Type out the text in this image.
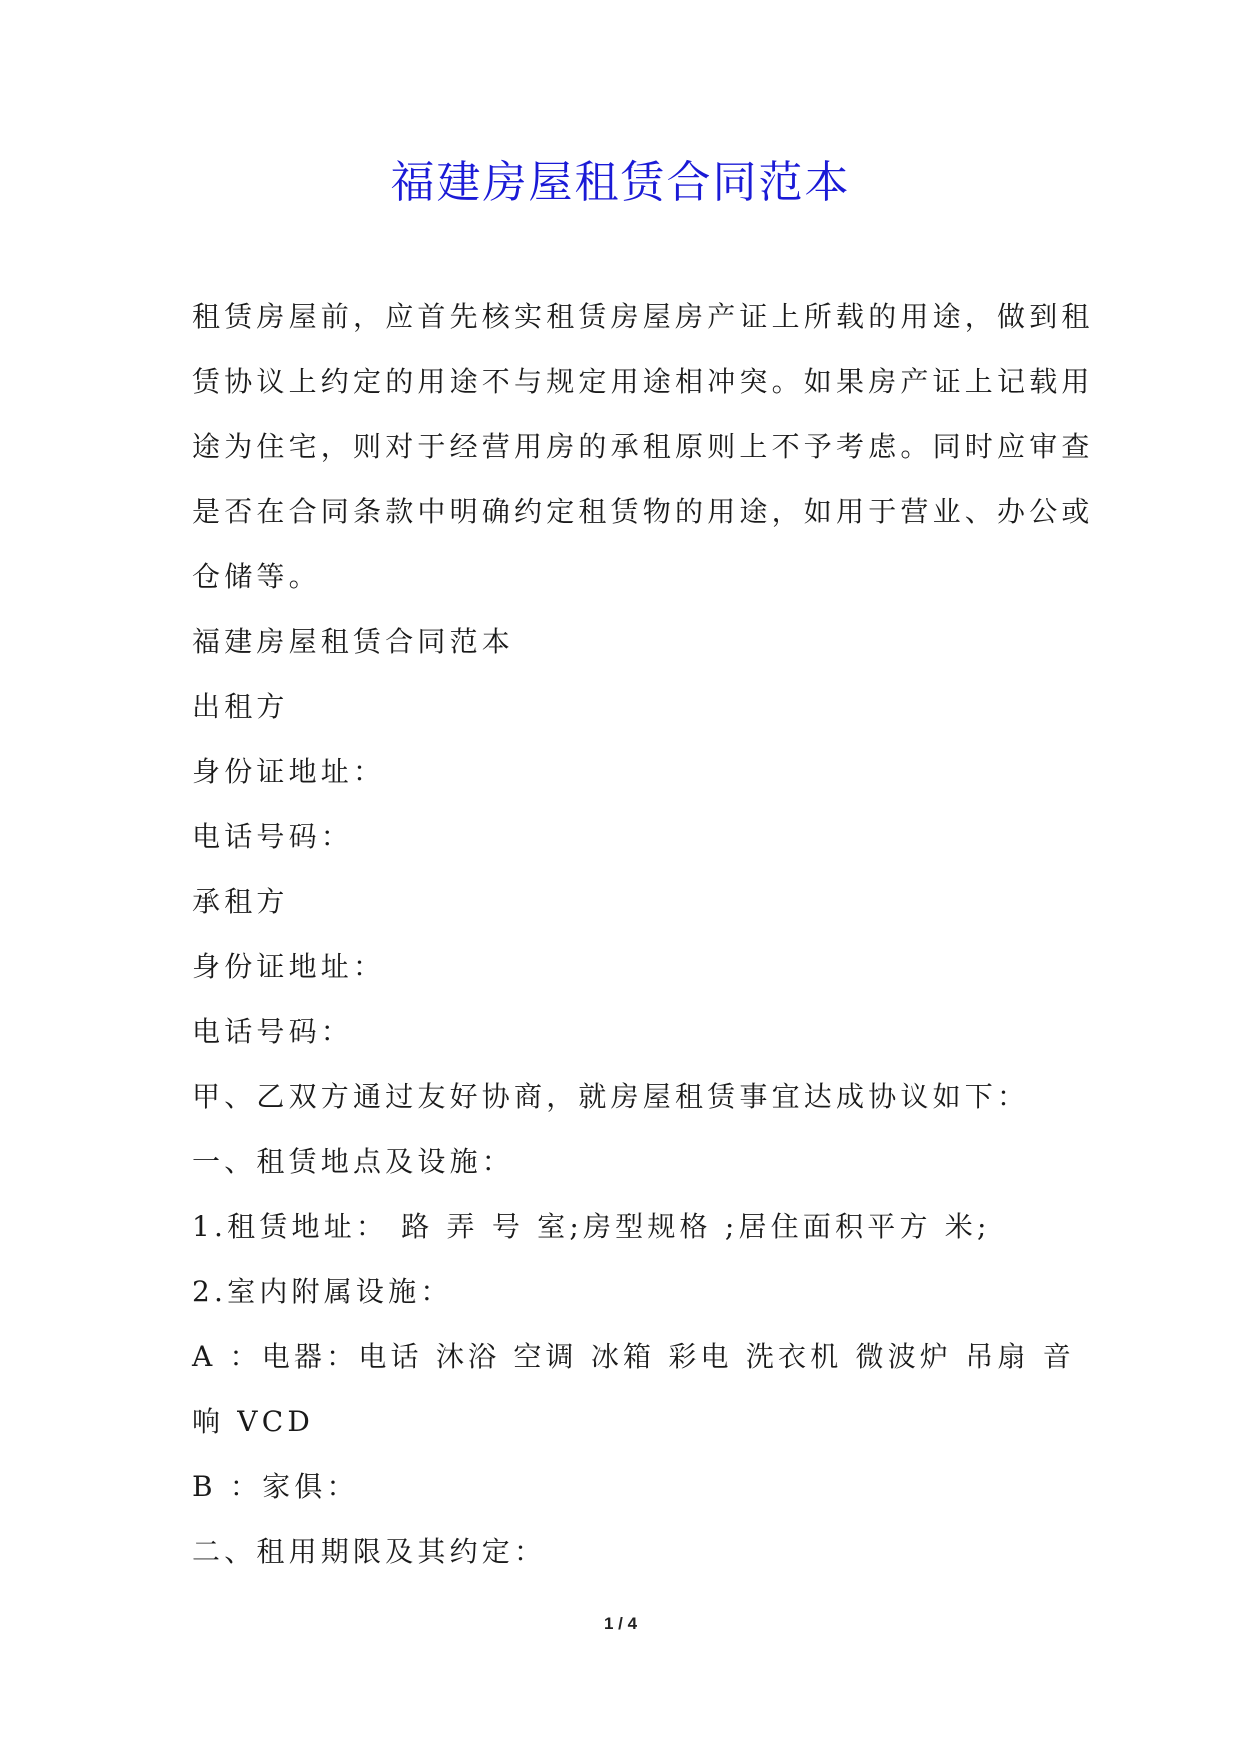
福建房屋租赁合同范本

租赁房屋前，应首先核实租赁房屋房产证上所载的用途，做到租
赁协议上约定的用途不与规定用途相冲突。如果房产证上记载用
途为住宅，则对于经营用房的承租原则上不予考虑。同时应审查
是否在合同条款中明确约定租赁物的用途，如用于营业、办公或
仓储等。

福建房屋租赁合同范本

出租方

身份证地址：

电话号码：

承租方

身份证地址：

电话号码：

甲、乙双方通过友好协商，就房屋租赁事宜达成协议如下：

一、租赁地点及设施：

1.租赁地址： 路 弄 号 室;房型规格 ;居住面积平方 米;

2.室内附属设施：

A ：电器：电话 沐浴 空调 冰箱 彩电 洗衣机 微波炉 吊扇 音

响 VCD

B ：家俱：

二、租用期限及其约定：

1 / 4
